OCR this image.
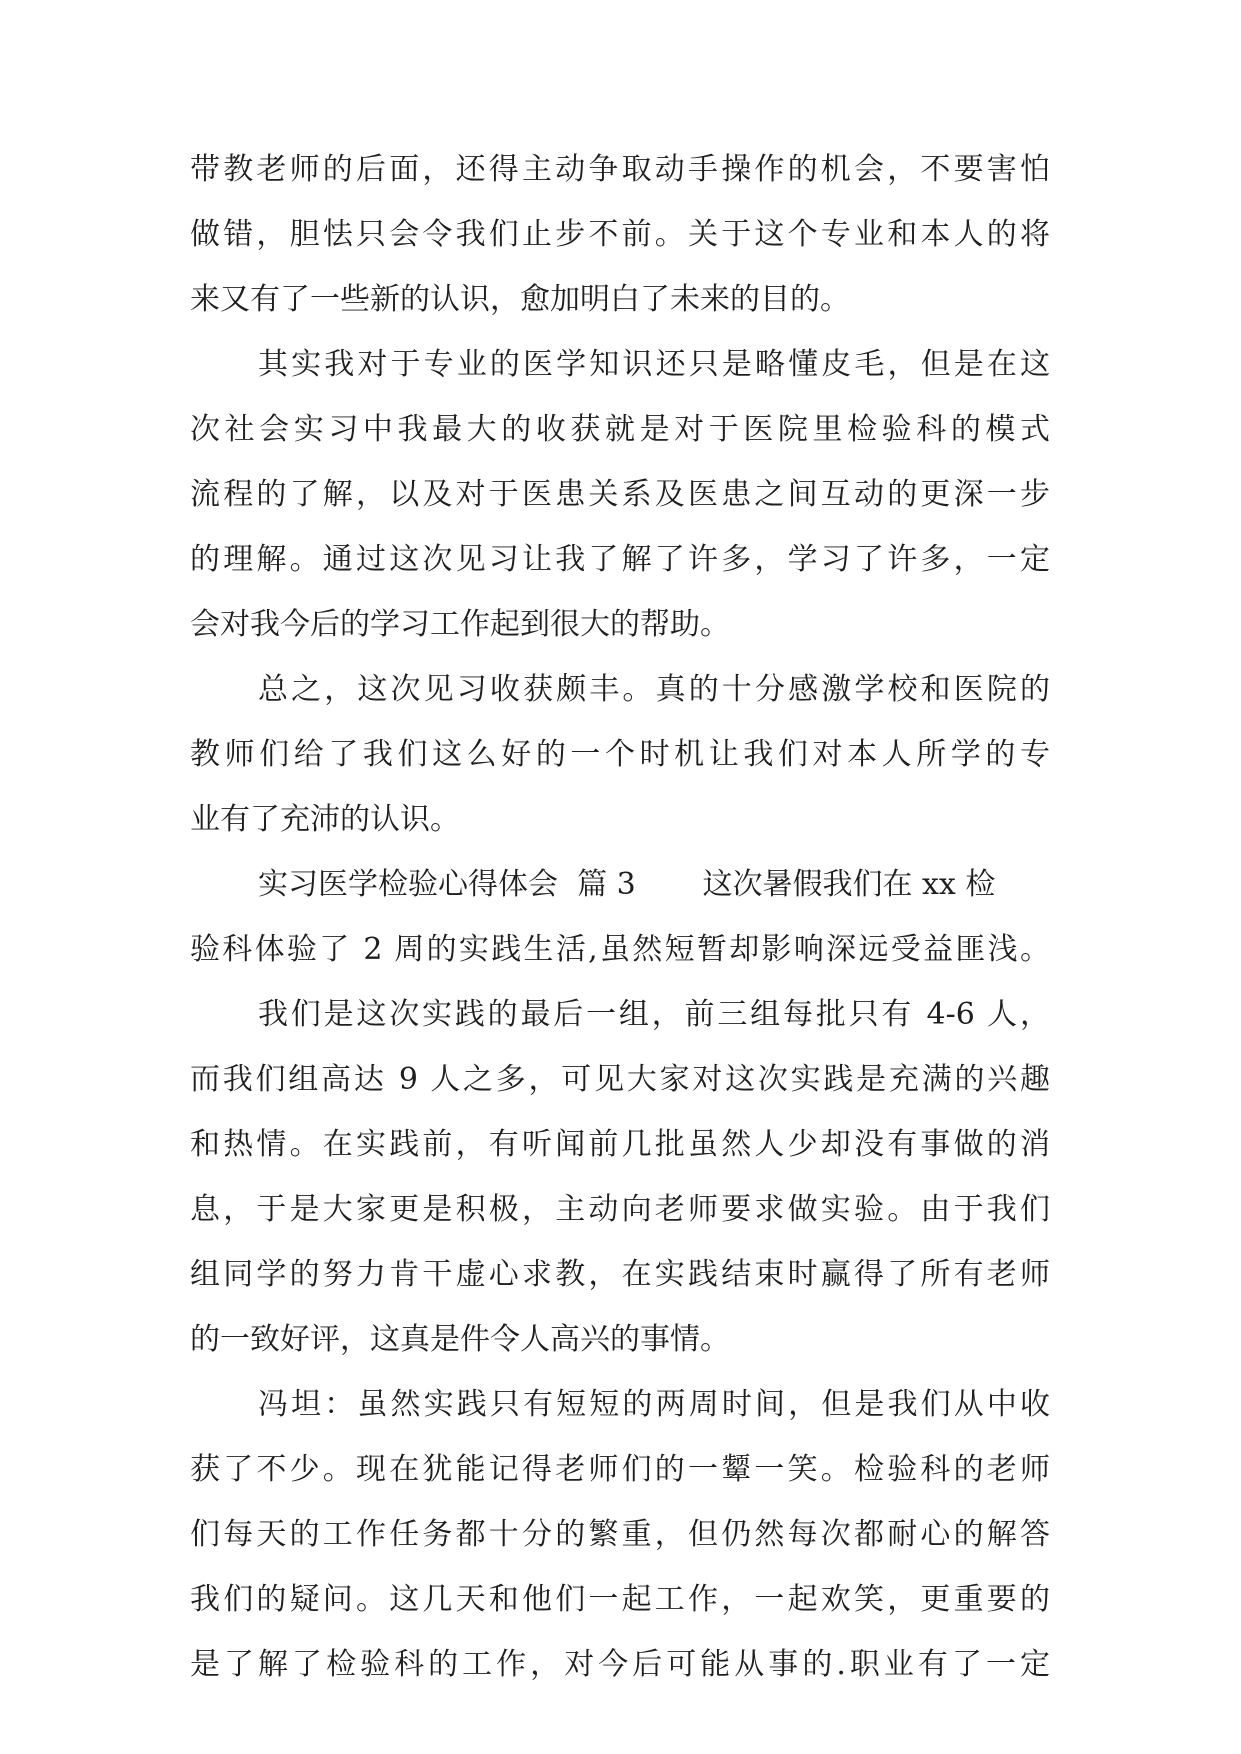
带教老师的后面，还得主动争取动手操作的机会，不要害怕
做错，胆怯只会令我们止步不前。关于这个专业和本人的将
来又有了一些新的认识，愈加明白了未来的目的。
其实我对于专业的医学知识还只是略懂皮毛，但是在这
次社会实习中我最大的收获就是对于医院里检验科的模式
流程的了解，以及对于医患关系及医患之间互动的更深一步
的理解。通过这次见习让我了解了许多，学习了许多，一定
会对我今后的学习工作起到很大的帮助。
总之，这次见习收获颇丰。真的十分感激学校和医院的
教师们给了我们这么好的一个时机让我们对本人所学的专
业有了充沛的认识。
实习医学检验心得体会  篇 3       这次暑假我们在 xx 检
验科体验了 2 周的实践生活,虽然短暂却影响深远受益匪浅。
我们是这次实践的最后一组，前三组每批只有 4-6 人，
而我们组高达 9 人之多，可见大家对这次实践是充满的兴趣
和热情。在实践前，有听闻前几批虽然人少却没有事做的消
息，于是大家更是积极，主动向老师要求做实验。由于我们
组同学的努力肯干虚心求教，在实践结束时赢得了所有老师
的一致好评，这真是件令人高兴的事情。
冯坦：虽然实践只有短短的两周时间，但是我们从中收
获了不少。现在犹能记得老师们的一颦一笑。检验科的老师
们每天的工作任务都十分的繁重，但仍然每次都耐心的解答
我们的疑问。这几天和他们一起工作，一起欢笑，更重要的
是了解了检验科的工作，对今后可能从事的.职业有了一定
